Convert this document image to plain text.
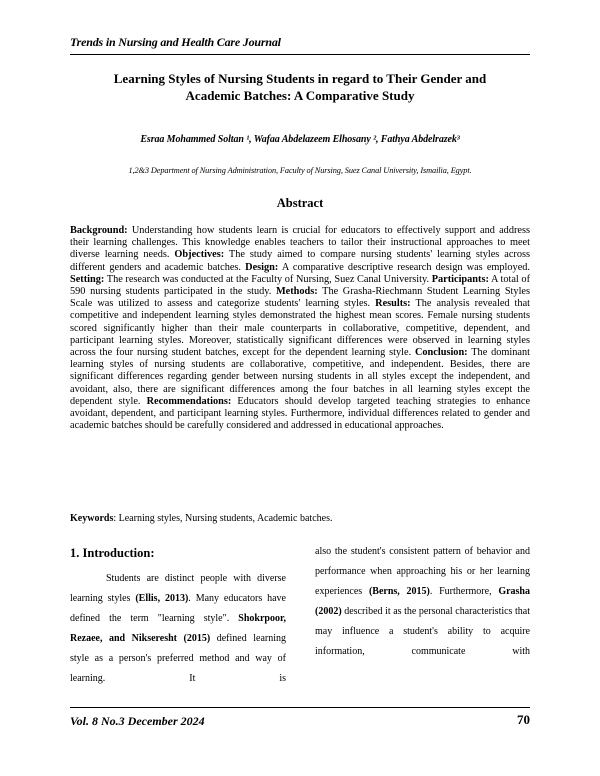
Trends in Nursing and Health Care Journal
Learning Styles of Nursing Students in regard to Their Gender and
Academic Batches: A Comparative Study
Esraa Mohammed Soltan ¹, Wafaa Abdelazeem Elhosany ², Fathya Abdelrazek³
1,2&3 Department of Nursing Administration, Faculty of Nursing, Suez Canal University, Ismailia, Egypt.
Abstract
Background: Understanding how students learn is crucial for educators to effectively support and address their learning challenges. This knowledge enables teachers to tailor their instructional approaches to meet diverse learning needs. Objectives: The study aimed to compare nursing students' learning styles across different genders and academic batches. Design: A comparative descriptive research design was employed. Setting: The research was conducted at the Faculty of Nursing, Suez Canal University. Participants: A total of 590 nursing students participated in the study. Methods: The Grasha-Riechmann Student Learning Styles Scale was utilized to assess and categorize students' learning styles. Results: The analysis revealed that competitive and independent learning styles demonstrated the highest mean scores. Female nursing students scored significantly higher than their male counterparts in collaborative, competitive, dependent, and participant learning styles. Moreover, statistically significant differences were observed in learning styles across the four nursing student batches, except for the dependent learning style. Conclusion: The dominant learning styles of nursing students are collaborative, competitive, and independent. Besides, there are significant differences regarding gender between nursing students in all styles except the independent, and avoidant, also, there are significant differences among the four batches in all learning styles except the dependent style. Recommendations: Educators should develop targeted teaching strategies to enhance avoidant, dependent, and participant learning styles. Furthermore, individual differences related to gender and academic batches should be carefully considered and addressed in educational approaches.
Keywords: Learning styles, Nursing students, Academic batches.
1. Introduction:
Students are distinct people with diverse learning styles (Ellis, 2013). Many educators have defined the term "learning style". Shokrpoor, Rezaee, and Nikseresht (2015) defined learning style as a person's preferred method and way of learning. It is
also the student's consistent pattern of behavior and performance when approaching his or her learning experiences (Berns, 2015). Furthermore, Grasha (2002) described it as the personal characteristics that may influence a student's ability to acquire information, communicate with
Vol. 8 No.3 December 2024	70
